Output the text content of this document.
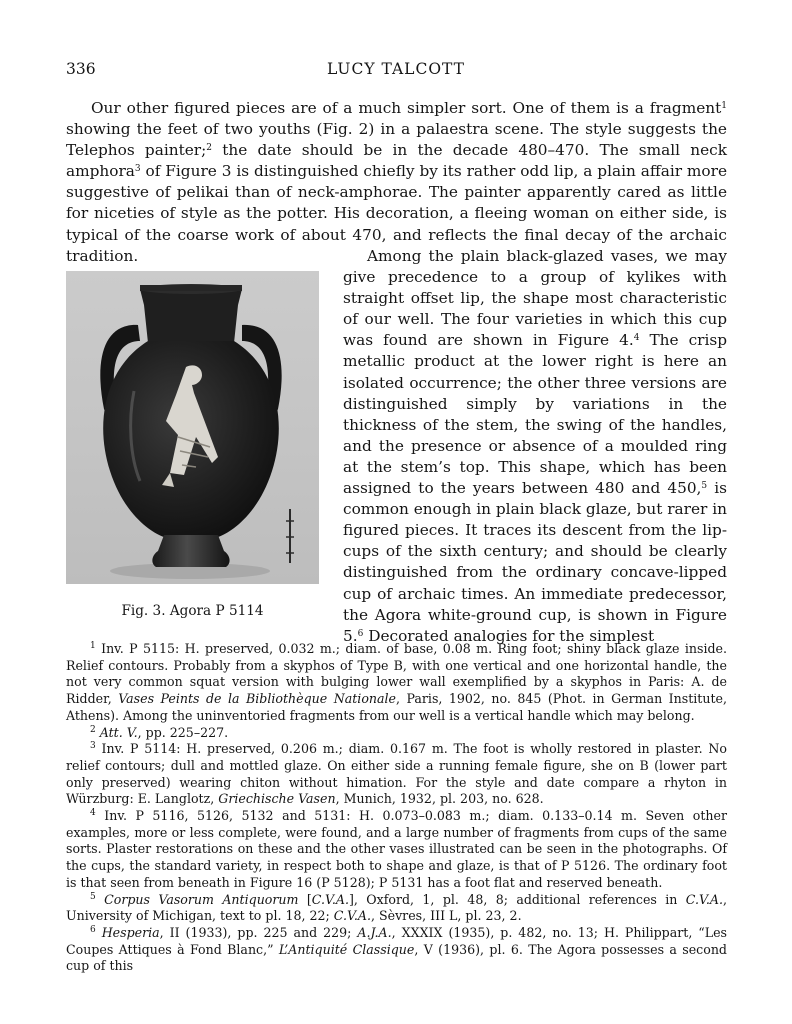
336	LUCY TALCOTT

Our other figured pieces are of a much simpler sort. One of them is a fragment$^1$ showing the feet of two youths (Fig. 2) in a palaestra scene. The style suggests the Telephos painter;$^2$ the date should be in the decade 480–470. The small neck amphora$^3$ of Figure 3 is distinguished chiefly by its rather odd lip, a plain affair more suggestive of pelikai than of neck-amphorae. The painter apparently cared as little for niceties of style as the potter. His decoration, a fleeing woman on either side, is typical of the coarse work of about 470, and reflects the final decay of the archaic tradition.

Fig. 3. Agora P 5114

Among the plain black-glazed vases, we may give precedence to a group of kylikes with straight offset lip, the shape most characteristic of our well. The four varieties in which this cup was found are shown in Figure 4.$^4$ The crisp metallic product at the lower right is here an isolated occurrence; the other three versions are distinguished simply by variations in the thickness of the stem, the swing of the handles, and the presence or absence of a moulded ring at the stem’s top. This shape, which has been assigned to the years between 480 and 450,$^5$ is common enough in plain black glaze, but rarer in figured pieces. It traces its descent from the lip-cups of the sixth century; and should be clearly distinguished from the ordinary concave-lipped cup of archaic times. An immediate predecessor, the Agora white-ground cup, is shown in Figure 5.$^6$ Decorated analogies for the simplest

$^1$ Inv. P 5115: H. preserved, 0.032 m.; diam. of base, 0.08 m. Ring foot; shiny black glaze inside. Relief contours. Probably from a skyphos of Type B, with one vertical and one horizontal handle, the not very common squat version with bulging lower wall exemplified by a skyphos in Paris: A. de Ridder, Vases Peints de la Bibliothèque Nationale, Paris, 1902, no. 845 (Phot. in German Institute, Athens). Among the uninventoried fragments from our well is a vertical handle which may belong.

$^2$ Att. V., pp. 225–227.

$^3$ Inv. P 5114: H. preserved, 0.206 m.; diam. 0.167 m. The foot is wholly restored in plaster. No relief contours; dull and mottled glaze. On either side a running female figure, she on B (lower part only preserved) wearing chiton without himation. For the style and date compare a rhyton in Würzburg: E. Langlotz, Griechische Vasen, Munich, 1932, pl. 203, no. 628.

$^4$ Inv. P 5116, 5126, 5132 and 5131: H. 0.073–0.083 m.; diam. 0.133–0.14 m. Seven other examples, more or less complete, were found, and a large number of fragments from cups of the same sorts. Plaster restorations on these and the other vases illustrated can be seen in the photographs. Of the cups, the standard variety, in respect both to shape and glaze, is that of P 5126. The ordinary foot is that seen from beneath in Figure 16 (P 5128); P 5131 has a foot flat and reserved beneath.

$^5$ Corpus Vasorum Antiquorum [C.V.A.], Oxford, 1, pl. 48, 8; additional references in C.V.A., University of Michigan, text to pl. 18, 22; C.V.A., Sèvres, III L, pl. 23, 2.

$^6$ Hesperia, II (1933), pp. 225 and 229; A.J.A., XXXIX (1935), p. 482, no. 13; H. Philippart, “Les Coupes Attiques à Fond Blanc,” L’Antiquité Classique, V (1936), pl. 6. The Agora possesses a second cup of this
